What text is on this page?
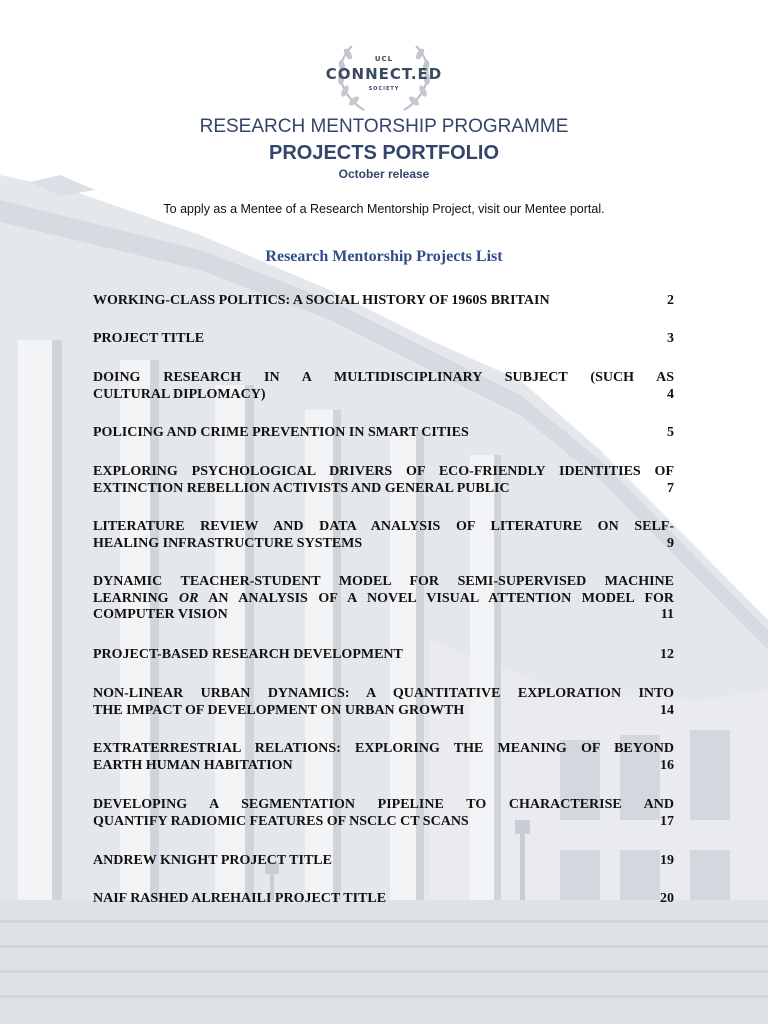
UCL
CONNECT.ED
SOCIETY
RESEARCH MENTORSHIP PROGRAMME
PROJECTS PORTFOLIO
October release
To apply as a Mentee of a Research Mentorship Project, visit our Mentee portal.
Research Mentorship Projects List
WORKING-CLASS POLITICS: A SOCIAL HISTORY OF 1960S BRITAIN	2
PROJECT TITLE	3
DOING RESEARCH IN A MULTIDISCIPLINARY SUBJECT (SUCH AS
CULTURAL DIPLOMACY)	4
POLICING AND CRIME PREVENTION IN SMART CITIES	5
EXPLORING PSYCHOLOGICAL DRIVERS OF ECO-FRIENDLY IDENTITIES OF
EXTINCTION REBELLION ACTIVISTS AND GENERAL PUBLIC	7
LITERATURE REVIEW AND DATA ANALYSIS OF LITERATURE ON SELF-
HEALING INFRASTRUCTURE SYSTEMS	9
DYNAMIC TEACHER-STUDENT MODEL FOR SEMI-SUPERVISED MACHINE
LEARNING OR AN ANALYSIS OF A NOVEL VISUAL ATTENTION MODEL FOR
COMPUTER VISION	11
PROJECT-BASED RESEARCH DEVELOPMENT	12
NON-LINEAR URBAN DYNAMICS: A QUANTITATIVE EXPLORATION INTO
THE IMPACT OF DEVELOPMENT ON URBAN GROWTH	14
EXTRATERRESTRIAL RELATIONS: EXPLORING THE MEANING OF BEYOND
EARTH HUMAN HABITATION	16
DEVELOPING A SEGMENTATION PIPELINE TO CHARACTERISE AND
QUANTIFY RADIOMIC FEATURES OF NSCLC CT SCANS	17
ANDREW KNIGHT PROJECT TITLE	19
NAIF RASHED ALREHAILI PROJECT TITLE	20
